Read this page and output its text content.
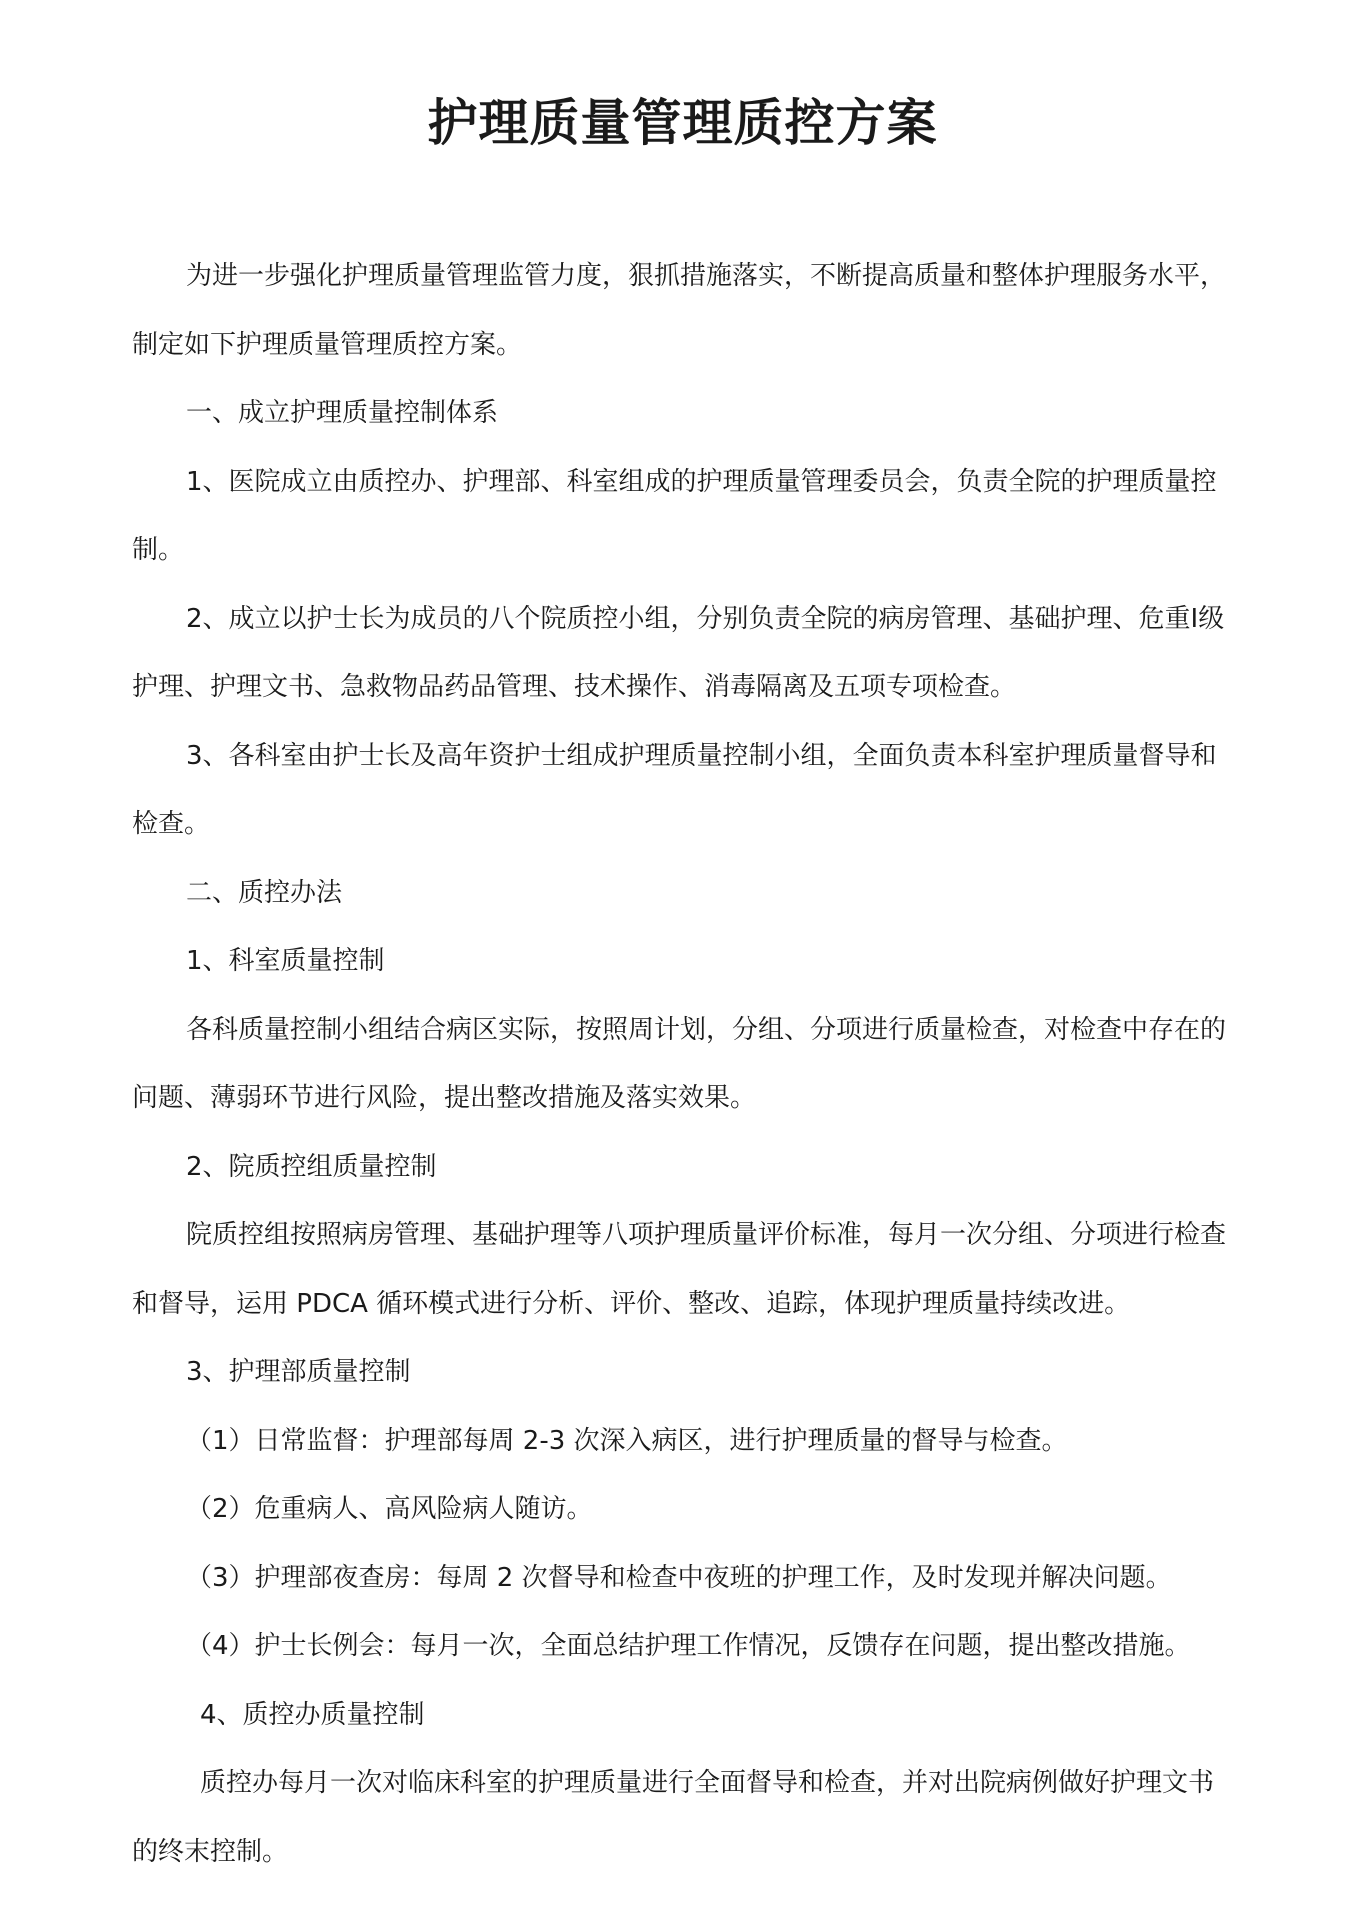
护理质量管理质控方案

为进一步强化护理质量管理监管力度，狠抓措施落实，不断提高质量和整体护理服务水平，制定如下护理质量管理质控方案。

一、成立护理质量控制体系

1、医院成立由质控办、护理部、科室组成的护理质量管理委员会，负责全院的护理质量控制。

2、成立以护士长为成员的八个院质控小组，分别负责全院的病房管理、基础护理、危重Ⅰ级护理、护理文书、急救物品药品管理、技术操作、消毒隔离及五项专项检查。

3、各科室由护士长及高年资护士组成护理质量控制小组，全面负责本科室护理质量督导和检查。

二、质控办法

1、科室质量控制

各科质量控制小组结合病区实际，按照周计划，分组、分项进行质量检查，对检查中存在的问题、薄弱环节进行风险，提出整改措施及落实效果。

2、院质控组质量控制

院质控组按照病房管理、基础护理等八项护理质量评价标准，每月一次分组、分项进行检查和督导，运用 PDCA 循环模式进行分析、评价、整改、追踪，体现护理质量持续改进。

3、护理部质量控制

（1）日常监督：护理部每周 2-3 次深入病区，进行护理质量的督导与检查。

（2）危重病人、高风险病人随访。

（3）护理部夜查房：每周 2 次督导和检查中夜班的护理工作，及时发现并解决问题。

（4）护士长例会：每月一次，全面总结护理工作情况，反馈存在问题，提出整改措施。

4、质控办质量控制

质控办每月一次对临床科室的护理质量进行全面督导和检查，并对出院病例做好护理文书的终末控制。
